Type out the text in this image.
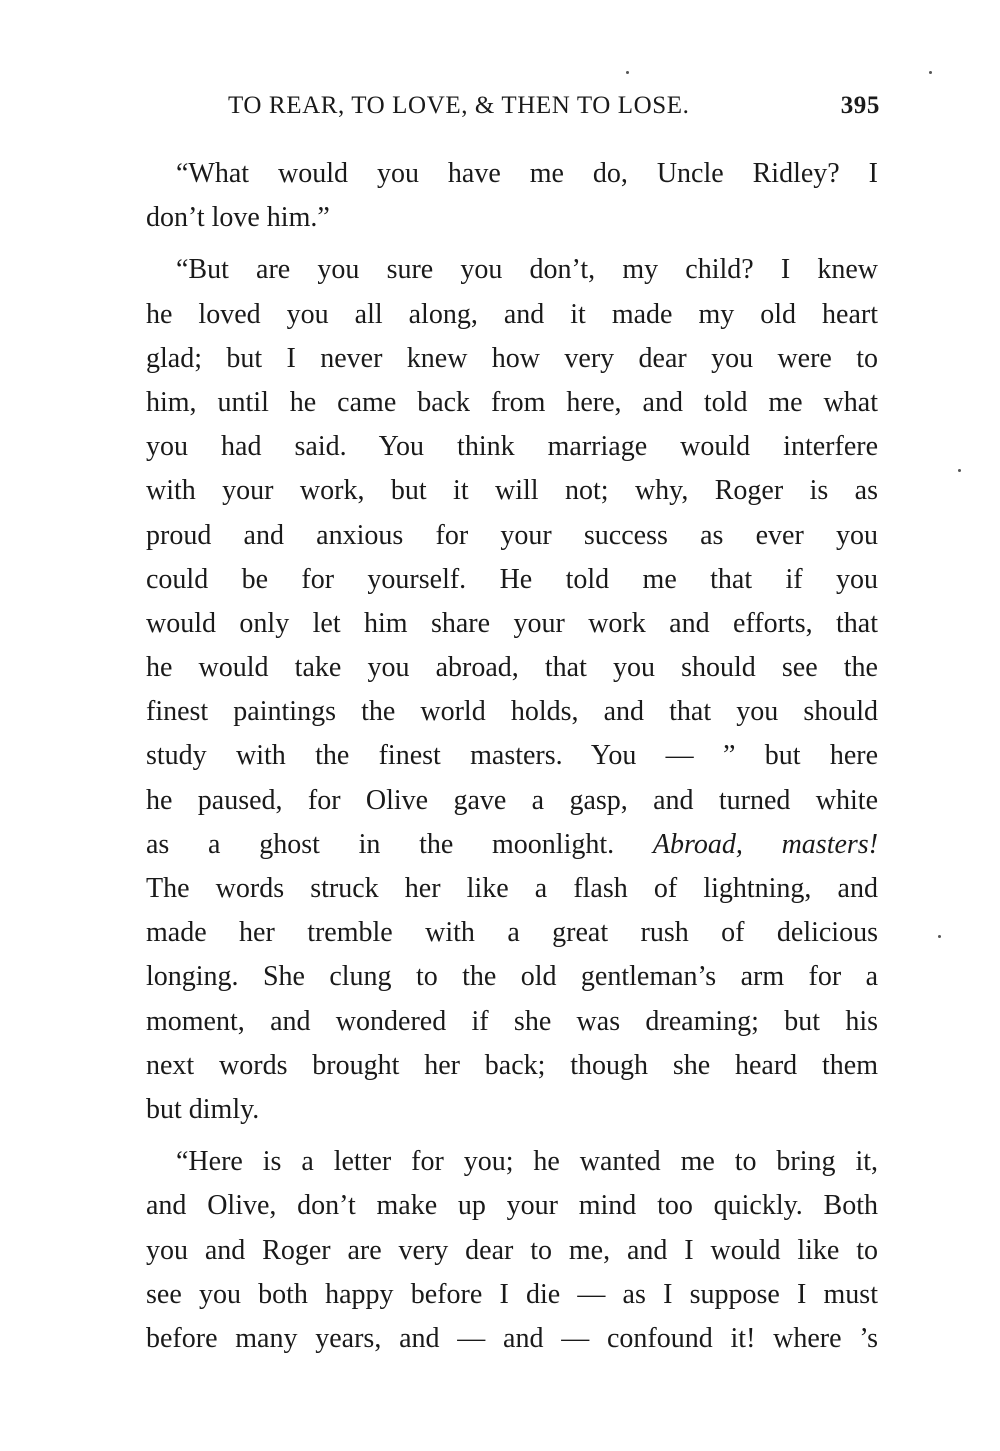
TO REAR, TO LOVE, & THEN TO LOSE.	395
“What would you have me do, Uncle Ridley? I
don’t love him.”
“But are you sure you don’t, my child? I knew
he loved you all along, and it made my old heart
glad; but I never knew how very dear you were to
him, until he came back from here, and told me what
you had said. You think marriage would interfere
with your work, but it will not; why, Roger is as
proud and anxious for your success as ever you
could be for yourself. He told me that if you
would only let him share your work and efforts, that
he would take you abroad, that you should see the
finest paintings the world holds, and that you should
study with the finest masters. You — ” but here
he paused, for Olive gave a gasp, and turned white
as a ghost in the moonlight. Abroad, masters!
The words struck her like a flash of lightning, and
made her tremble with a great rush of delicious
longing. She clung to the old gentleman’s arm for a
moment, and wondered if she was dreaming; but his
next words brought her back; though she heard them
but dimly.
“Here is a letter for you; he wanted me to bring it,
and Olive, don’t make up your mind too quickly. Both
you and Roger are very dear to me, and I would like to
see you both happy before I die — as I suppose I must
before many years, and — and — confound it! where ’s
